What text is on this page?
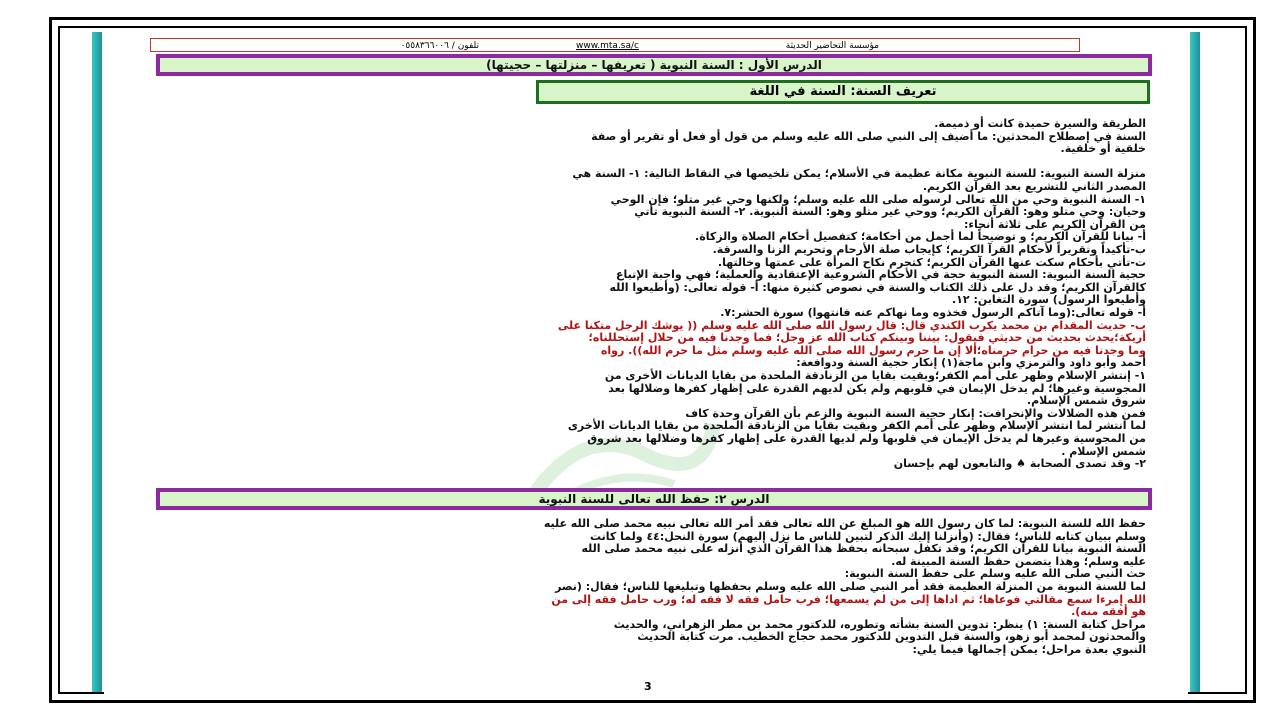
مؤسسة التحاضير الحديثة
www.mta.sa/c
تلفون / ٠٥٥٨٣٦٦٠٠٦
الدرس الأول : السنة النبوية ( تعريفها – منزلتها – حجيتها)
تعريف السنة: السنة في اللغة
الطريقة والسيرة حميدة كانت أو ذميمة.
السنة في إصطلاح المحدثين: ما أضيف إلى النبي صلى الله عليه وسلم من قول أو فعل أو تقرير أو صفة
خلقية أو خلقية.
منزلة السنة النبوية: للسنة النبوية مكانة عظيمة في الأسلام؛ يمكن تلخيصها في النقاط التالية: ١- السنة هي
المصدر الثاني للتشريع بعد القرآن الكريم.
١- السنة النبوية وحي من الله تعالى لرسوله صلى الله عليه وسلم؛ ولكنها وحي غير متلو؛ فإن الوحي
وحيان: وحي متلو وهو: القرآن الكريم؛ ووحي غير متلو وهو: السنة النبوية. ٢- السنة النبوية تأتي
من القرآن الكريم على ثلاثة أنحاء:
أ- بيانا للقرآن الكريم؛ و توضيحاً لما أجمل من أحكامة؛ كتفصيل أحكام الصلاة والزكاة.
ب-تأكيداً وتقريراً لأحكام القرآ الكريم؛ كإيجاب صلة الأرحام وتحريم الزنا والسرقة.
ت-تأتي بأحكام سكت عنها القرآن الكريم؛ كتحرم نكاح المرأة على عمتها وخالتها.
حجية السنة النبوية: السنة النبوية حجة في الأحكام الشروعية الإعتقادية والعملية؛ فهي واجبة الإتباع
كالقرآن الكريم؛ وقد دل على ذلك الكتاب والسنة في نصوص كثيرة منها: أ- قوله تعالى: (وأطيعوا الله
وأطيعوا الرسول) سورة التغابن: ١٢.
أ- قوله تعالى:(وما آتاكم الرسول فخذوه وما نهاكم عنه فانتهوا) سورة الحشر:٧.
ب- حديث المقدام بن محمد يكرب الكندي قال: قال رسول الله صلى الله عليه وسلم (( يوشك الرجل متكنا على
أريكة؛يحدث بحديث من حديثي فيقول: بيننا وبينكم كتاب الله عز وجل؛ فما وجدنا فيه من حلال إستحللناه؛
وما وجدنا فيه من حرام حرمناه؛ألا إن ما حرم رسول الله صلى الله عليه وسلم مثل ما حرم الله)). رواه
أحمد وأبو داود والترمزي وابن ماجة(١) إنكار حجية السنة ودوافعة:
١- إنتشر الإسلام وظهر على أمم الكفر؛وبقيت بقايا من الزنادقة الملحدة من بقايا الديانات الأخرى من
المجوسية وغيرها؛ لم يدخل الإيمان في قلوبهم ولم يكن لديهم القدرة على إظهار كفرها وضلالها بعد
شروق شمس الإسلام.
فمن هذه الضلالات والإنحرافت: إنكار حجية السنة النبوية والزعم بأن القرآن وحدة كاف
لما انتشر لما انتشر الإسلام وظهر على أمم الكفر وبقيت بقايا من الزنادقة الملحدة من بقايا الديانات الأخرى
من المجوسية وغيرها لم يدخل الإيمان في قلوبها ولم لديها القدرة على إظهار كفرها وضلالها بعد شروق
شمس الإسلام .
٢- وقد تصدى الصحابة ♠ والتابعون لهم بإحسان
الدرس ٢: حفظ الله تعالى للسنة النبوية
حفظ الله للسنة النبوية: لما كان رسول الله هو المبلغ عن الله تعالى فقد أمر الله تعالى نبيه محمد صلى الله عليه
وسلم ببيان كتابه للناس؛ فقال: (وأنزلنا إليك الذكر لتبين للناس ما نزل إليهم) سورة النحل:٤٤ ولما كانت
السنة النبوية بيانا للقرآن الكريم؛ وقد تكفل سبحانه بحفظ هذا القرآن الذي أنزله على نبيه محمد صلى الله
عليه وسلم؛ وهذا يتضمن حفظ السنة المبينة له.
حث النبي صلى الله عليه وسلم على حفظ السنة النبوية:
لما للسنة النبوية من المنزلة العظيمة فقد أمر النبي صلى الله عليه وسلم بحفظها وتبليغها للناس؛ فقال: (نصر
الله إمرءا سمع مقالتي فوعاها؛ ثم اداها إلى من لم يسمعها؛ فرب حامل فقه لا فقه له؛ ورب حامل فقه إلى من
هو أفقه منه).
مراحل كتابة السنة: ١) ينظر: تدوين السنة بشأته وتطوره، للدكتور محمد بن مطر الزهراني، والحديث
والمحدثون لمحمد أبو زهو، والسنة قبل التدوين للدكتور محمد حجاج الخطيب. مرت كتابة الحديث
النبوي بعدة مراحل؛ يمكن إجمالها فيما يلي:
3
